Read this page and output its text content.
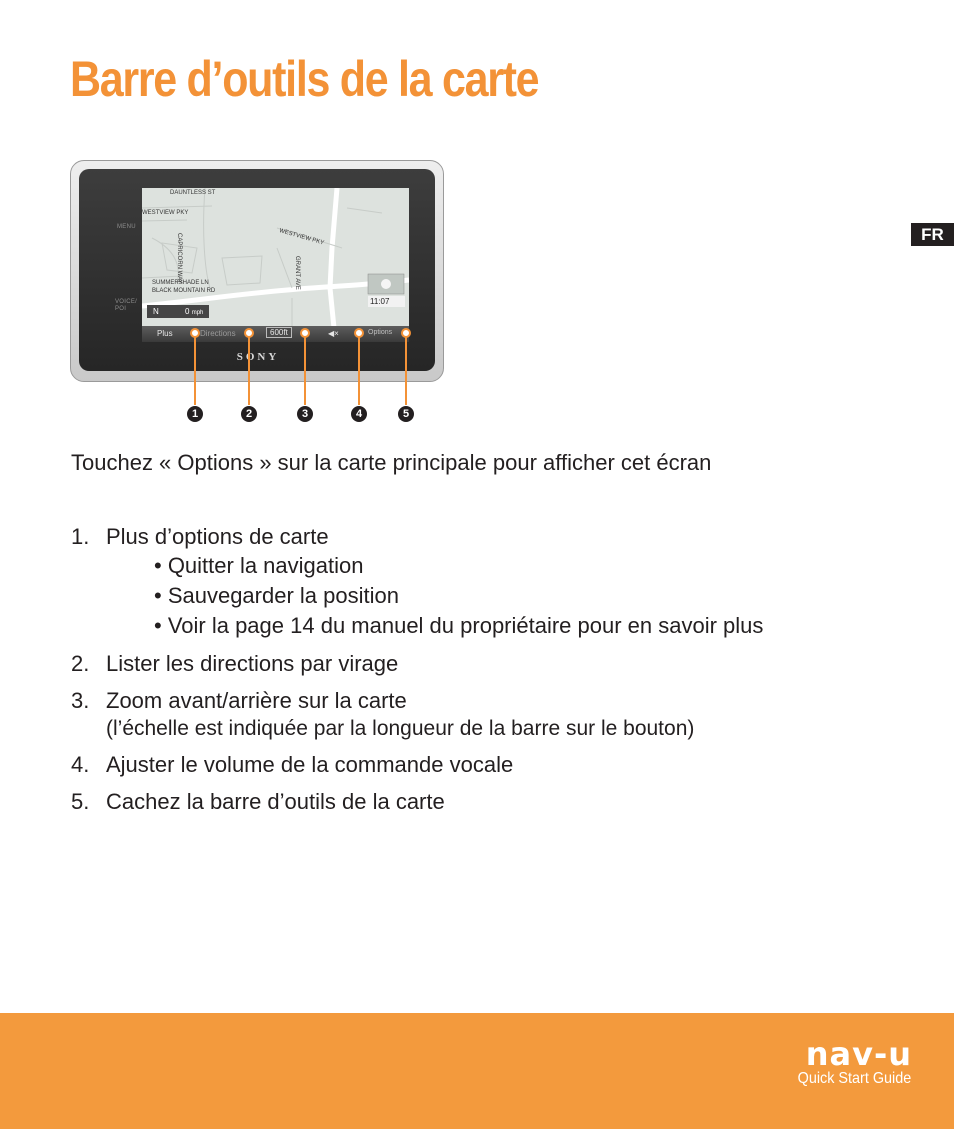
Barre d’outils de la carte
FR
MENU
VOICE/
POI
SONY
DAUNTLESS ST
WESTVIEW PKY
CAPRICORN WAY	WESTVIEW PKY
GRANT AVE
SUMMERSHADE LN
BLACK MOUNTAIN RD
N	0 mph
11:07
Plus	Directions	600ft	◀×	Options
1	2	3	4	5

Touchez « Options » sur la carte principale pour afficher cet écran

1. Plus d’options de carte
• Quitter la navigation
• Sauvegarder la position
• Voir la page 14 du manuel du propriétaire pour en savoir plus
2. Lister les directions par virage
3. Zoom avant/arrière sur la carte
(l’échelle est indiquée par la longueur de la barre sur le bouton)
4. Ajuster le volume de la commande vocale
5. Cachez la barre d’outils de la carte
nav-u
Quick Start Guide
